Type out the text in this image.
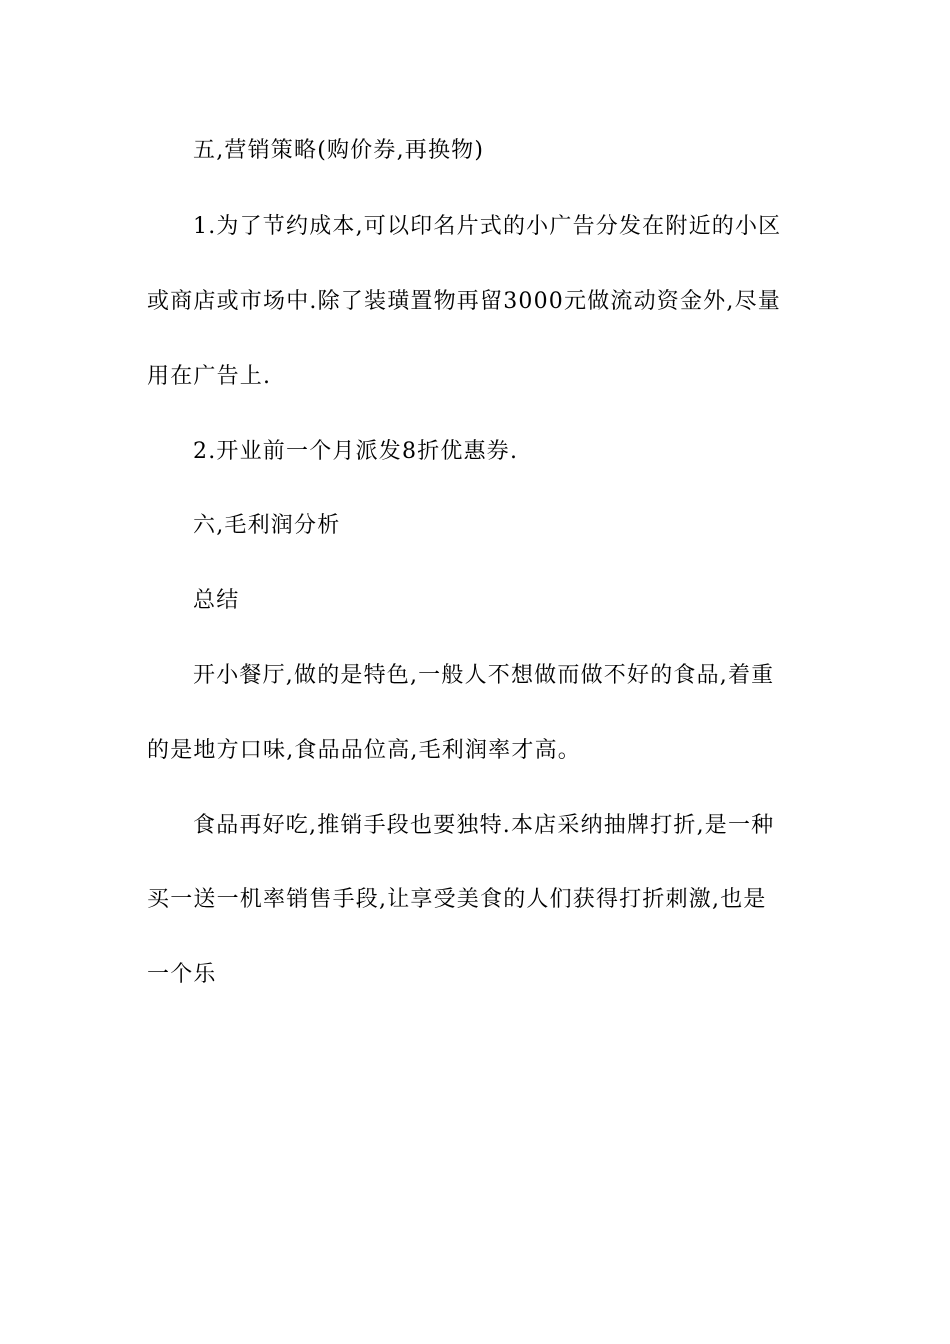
五,营销策略(购价券,再换物)
1.为了节约成本,可以印名片式的小广告分发在附近的小区
或商店或市场中.除了装璜置物再留3000元做流动资金外,尽量
用在广告上.
2.开业前一个月派发8折优惠券.
六,毛利润分析
总结
开小餐厅,做的是特色,一般人不想做而做不好的食品,着重
的是地方口味,食品品位高,毛利润率才高。
食品再好吃,推销手段也要独特.本店采纳抽牌打折,是一种
买一送一机率销售手段,让享受美食的人们获得打折刺激,也是
一个乐
